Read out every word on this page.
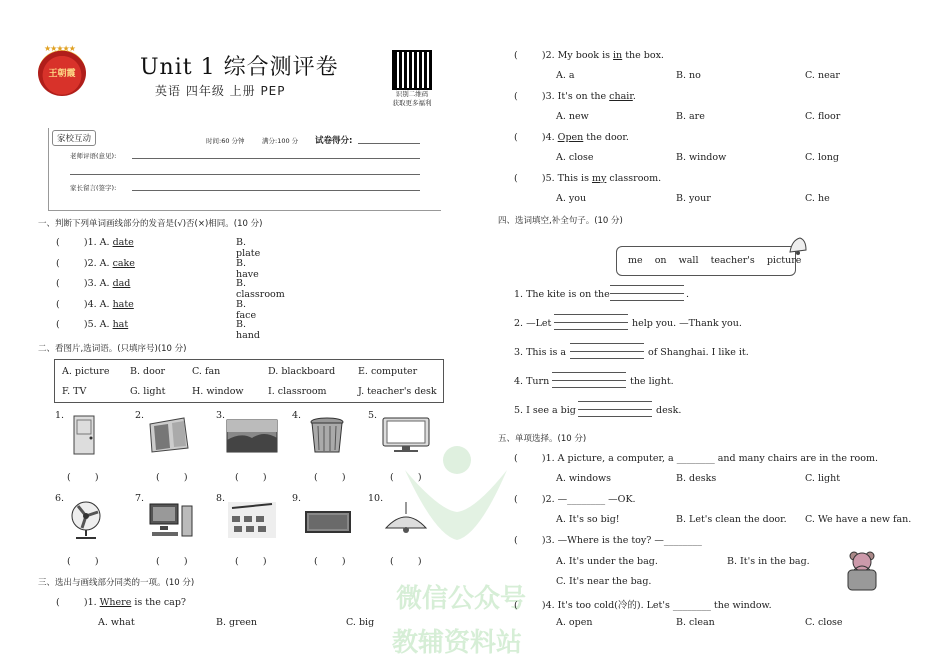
微信公众号
教辅资料站
★★★★★
王朝霞	Unit 1 综合测评卷
英语 四年级 上册 PEP	识别二维码
获取更多福利
家校互动	时间:60 分钟	满分:100 分 试卷得分:
老师评语(意见):
家长留言(签字):
一、判断下列单词画线部分的发音是(√)否(×)相同。(10 分)
(        )1. A. date	B. plate
(        )2. A. cake	B. have
(        )3. A. dad	B. classroom
(        )4. A. hate	B. face
(        )5. A. hat	B. hand
二、看图片,选词语。(只填序号)(10 分)
A. picture B. door	C. fan	D. blackboard E. computer
F. TV	G. light	H. window	I. classroom	J. teacher's desk
1.	2.	3.	4.	5.
(        )	(        )	(        )	(        )	(        )
6.	7.	8.	9.	10.
(        )	(        )	(        )	(        )	(        )
三、选出与画线部分同类的一项。(10 分)
(        )1. Where is the cap?
A. what	B. green	C. big
(        )2. My book is in the box.
A. a	B. no	C. near
(        )3. It's on the chair.
A. new	B. are	C. floor
(        )4. Open the door.
A. close	B. window	C. long
(        )5. This is my classroom.
A. you	B. your	C. he
四、选词填空,补全句子。(10 分)
me    on    wall    teacher's    picture
1. The kite is on the	.
2. —Let	help you. —Thank you.
3. This is a	of Shanghai. I like it.
4. Turn	the light.
5. I see a big	desk.
五、单项选择。(10 分)
(        )1. A picture, a computer, a ________ and many chairs are in the room.
A. windows	B. desks	C. light
(        )2. —________ —OK.
A. It's so big!	B. Let's clean the door. C. We have a new fan.
(        )3. —Where is the toy? —________
A. It's under the bag.	B. It's in the bag.
C. It's near the bag.
(        )4. It's too cold(冷的). Let's ________ the window.
A. open	B. clean	C. close
